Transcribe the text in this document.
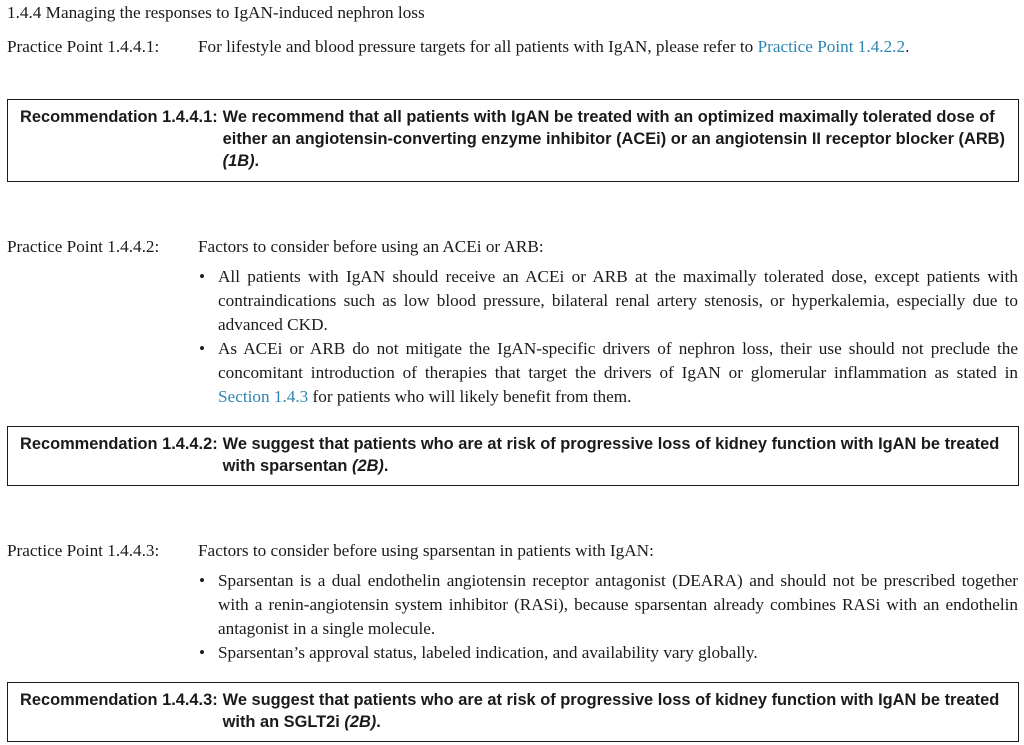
1.4.4 Managing the responses to IgAN-induced nephron loss
Practice Point 1.4.4.1: For lifestyle and blood pressure targets for all patients with IgAN, please refer to Practice Point 1.4.2.2.
Recommendation 1.4.4.1: We recommend that all patients with IgAN be treated with an optimized maximally tolerated dose of either an angiotensin-converting enzyme inhibitor (ACEi) or an angiotensin II receptor blocker (ARB) (1B).
Practice Point 1.4.4.2: Factors to consider before using an ACEi or ARB:
• All patients with IgAN should receive an ACEi or ARB at the maximally tolerated dose, except patients with contraindications such as low blood pressure, bilateral renal artery stenosis, or hyperkalemia, especially due to advanced CKD.
• As ACEi or ARB do not mitigate the IgAN-specific drivers of nephron loss, their use should not preclude the concomitant introduction of therapies that target the drivers of IgAN or glomerular inflammation as stated in Section 1.4.3 for patients who will likely benefit from them.
Recommendation 1.4.4.2: We suggest that patients who are at risk of progressive loss of kidney function with IgAN be treated with sparsentan (2B).
Practice Point 1.4.4.3: Factors to consider before using sparsentan in patients with IgAN:
• Sparsentan is a dual endothelin angiotensin receptor antagonist (DEARA) and should not be prescribed together with a renin-angiotensin system inhibitor (RASi), because sparsentan already combines RASi with an endothelin antagonist in a single molecule.
• Sparsentan’s approval status, labeled indication, and availability vary globally.
Recommendation 1.4.4.3: We suggest that patients who are at risk of progressive loss of kidney function with IgAN be treated with an SGLT2i (2B).
